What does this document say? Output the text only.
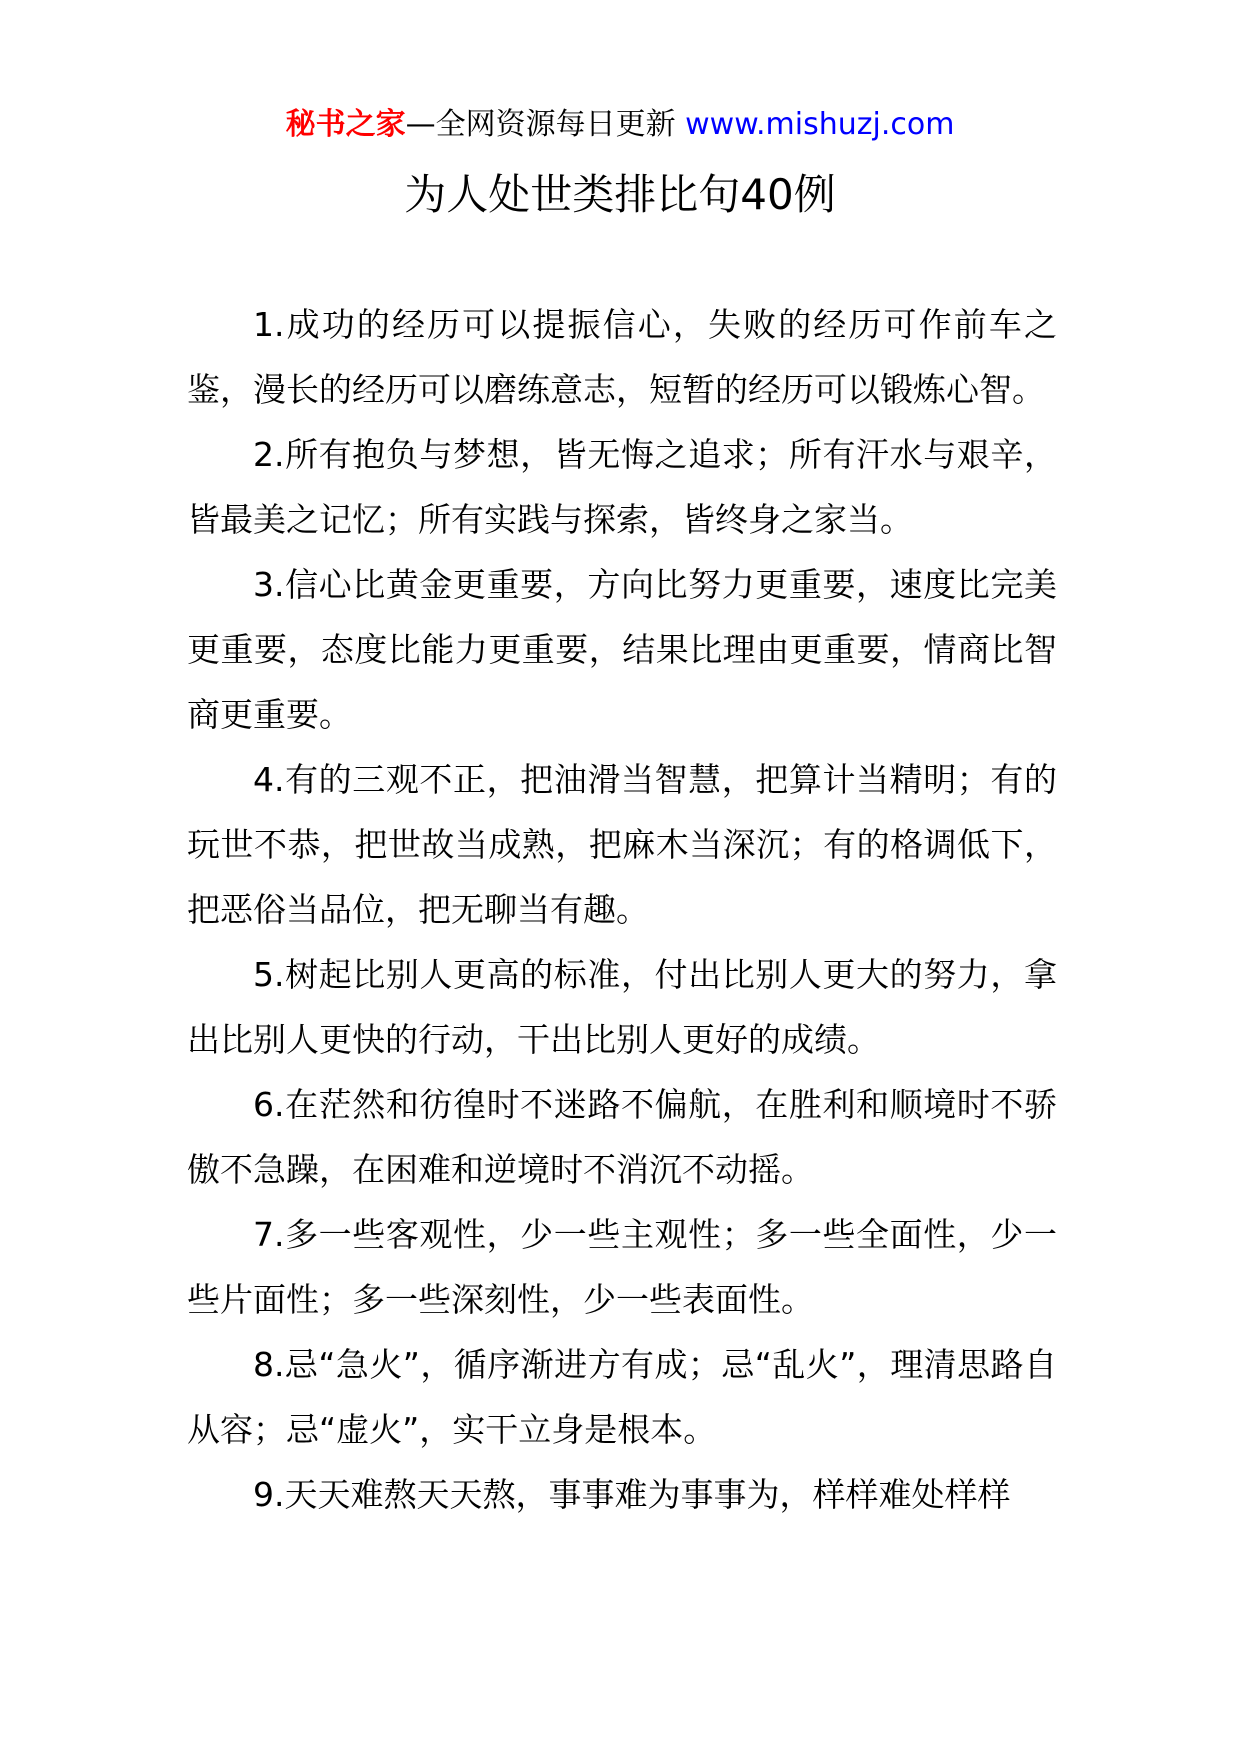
秘书之家—全网资源每日更新 www.mishuzj.com
为人处世类排比句40例

1.成功的经历可以提振信心，失败的经历可作前车之鉴，漫长的经历可以磨练意志，短暂的经历可以锻炼心智。

2.所有抱负与梦想，皆无悔之追求；所有汗水与艰辛，皆最美之记忆；所有实践与探索，皆终身之家当。

3.信心比黄金更重要，方向比努力更重要，速度比完美更重要，态度比能力更重要，结果比理由更重要，情商比智商更重要。

4.有的三观不正，把油滑当智慧，把算计当精明；有的玩世不恭，把世故当成熟，把麻木当深沉；有的格调低下，把恶俗当品位，把无聊当有趣。

5.树起比别人更高的标准，付出比别人更大的努力，拿出比别人更快的行动，干出比别人更好的成绩。

6.在茫然和彷徨时不迷路不偏航，在胜利和顺境时不骄傲不急躁，在困难和逆境时不消沉不动摇。

7.多一些客观性，少一些主观性；多一些全面性，少一些片面性；多一些深刻性，少一些表面性。

8.忌“急火”，循序渐进方有成；忌“乱火”，理清思路自从容；忌“虚火”，实干立身是根本。

9.天天难熬天天熬，事事难为事事为，样样难处样样
